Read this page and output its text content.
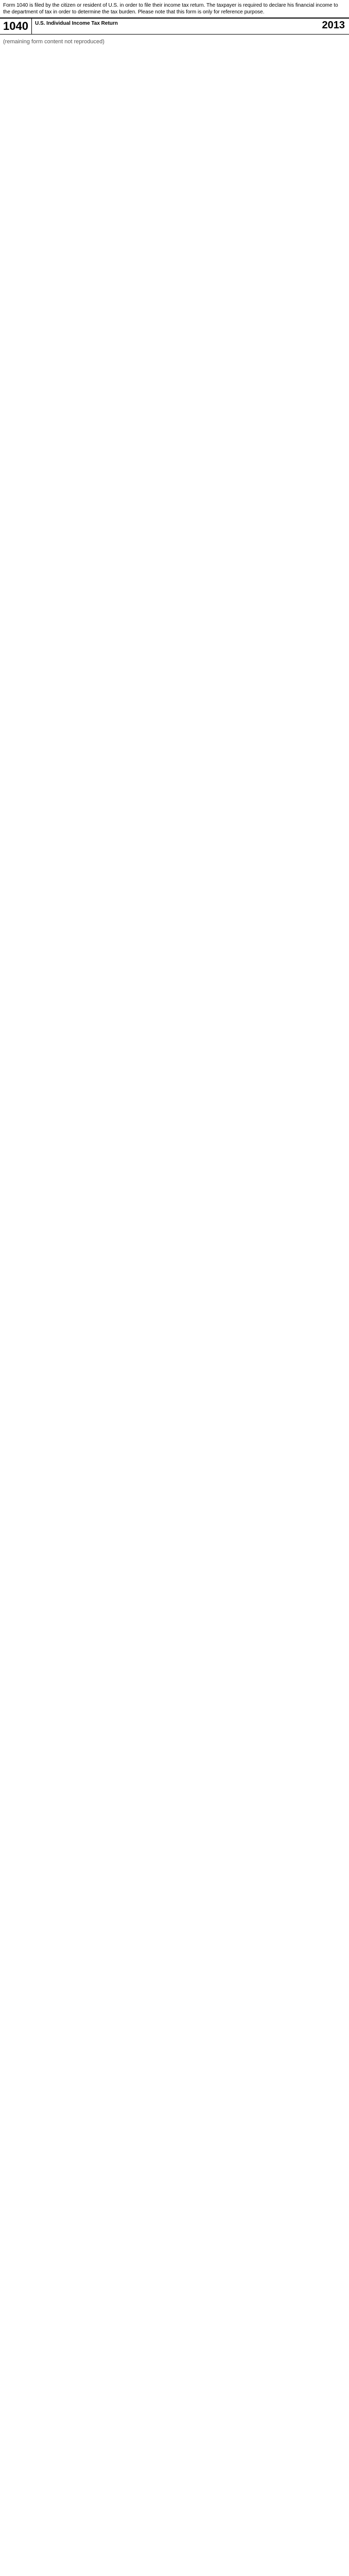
Form 1040 is filed by the citizen or resident of U.S. in order to file their income tax return. The taxpayer is required to declare his financial income to the department of tax in order to determine the tax burden. Please note that this form is only for reference purpose.
1040	U.S. Individual Income Tax Return	2013
(remaining form content not reproduced)
